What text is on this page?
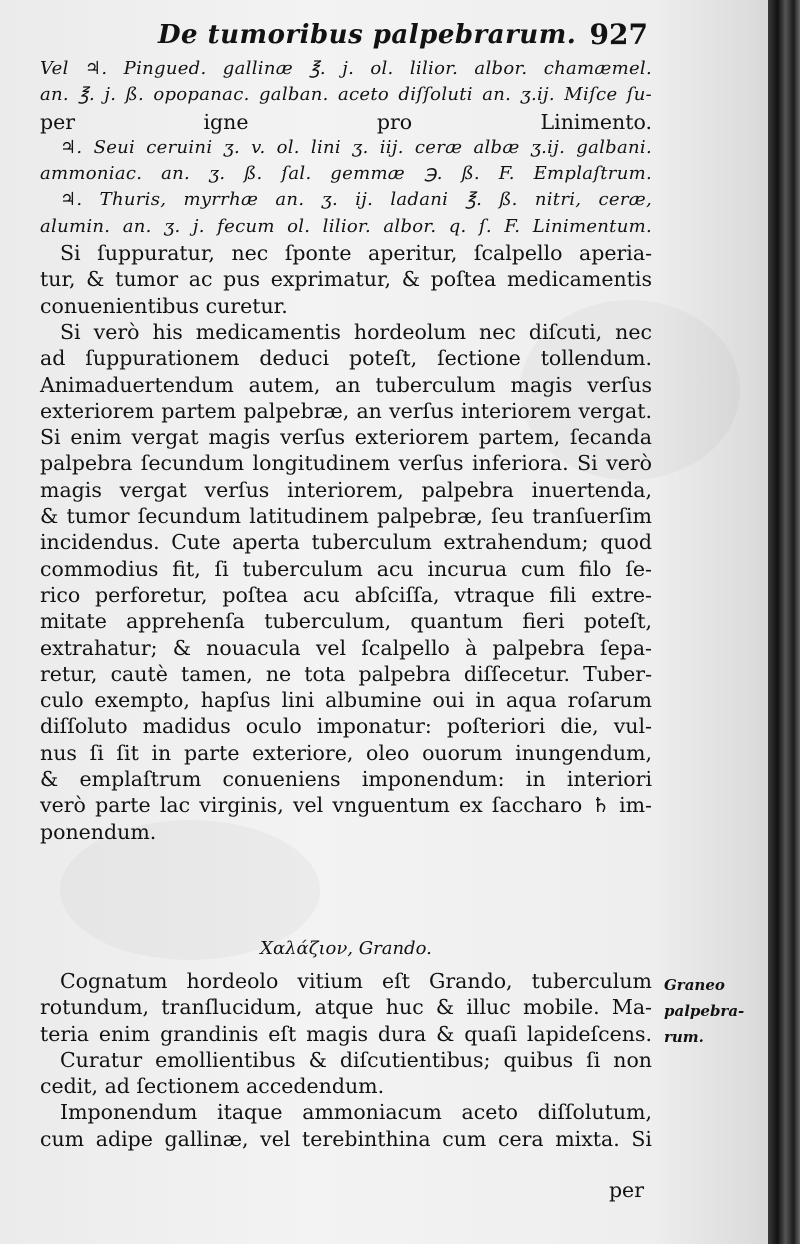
De tumoribus palpebrarum. 927
Vel ♃. Pingued. gallinæ ℥. j. ol. lilior. albor. chamæmel.
an. ℥. j. ß. opopanac. galban. aceto diſſoluti an. ʒ.ij. Miſce ſu-
per igne pro Linimento.
♃. Seui ceruini ʒ. v. ol. lini ʒ. iij. ceræ albæ ʒ.ij. galbani.
ammoniac. an. ʒ. ß. ſal. gemmæ ℈. ß. F. Emplaſtrum.
♃. Thuris, myrrhæ an. ʒ. ij. ladani ℥. ß. nitri, ceræ,
alumin. an. ʒ. j. fecum ol. lilior. albor. q. ſ. F. Linimentum.
Si ſuppuratur, nec ſponte aperitur, ſcalpello aperia-
tur, & tumor ac pus exprimatur, & poſtea medicamentis
conuenientibus curetur.
Si verò his medicamentis hordeolum nec diſcuti, nec
ad ſuppurationem deduci poteſt, ſectione tollendum.
Animaduertendum autem, an tuberculum magis verſus
exteriorem partem palpebræ, an verſus interiorem vergat.
Si enim vergat magis verſus exteriorem partem, ſecanda
palpebra ſecundum longitudinem verſus inferiora. Si verò
magis vergat verſus interiorem, palpebra inuertenda,
& tumor ſecundum latitudinem palpebræ, ſeu tranſuerſim
incidendus. Cute aperta tuberculum extrahendum; quod
commodius fit, ſi tuberculum acu incurua cum filo ſe-
rico perforetur, poſtea acu abſciſſa, vtraque fili extre-
mitate apprehenſa tuberculum, quantum fieri poteſt,
extrahatur; & nouacula vel ſcalpello à palpebra ſepa-
retur, cautè tamen, ne tota palpebra diſſecetur. Tuber-
culo exempto, hapſus lini albumine oui in aqua roſarum
diſſoluto madidus oculo imponatur: poſteriori die, vul-
nus ſi ſit in parte exteriore, oleo ouorum inungendum,
& emplaſtrum conueniens imponendum: in interiori
verò parte lac virginis, vel vnguentum ex ſaccharo ♄ im-
ponendum.
Χαλάζιον, Grando.
Cognatum hordeolo vitium eſt Grando, tuberculum
rotundum, tranſlucidum, atque huc & illuc mobile. Ma-
teria enim grandinis eſt magis dura & quaſi lapideſcens.
Curatur emollientibus & diſcutientibus; quibus ſi non
cedit, ad ſectionem accedendum.
Imponendum itaque ammoniacum aceto diſſolutum,
cum adipe gallinæ, vel terebinthina cum cera mixta. Si
Graneo
palpebra-
rum.
per
